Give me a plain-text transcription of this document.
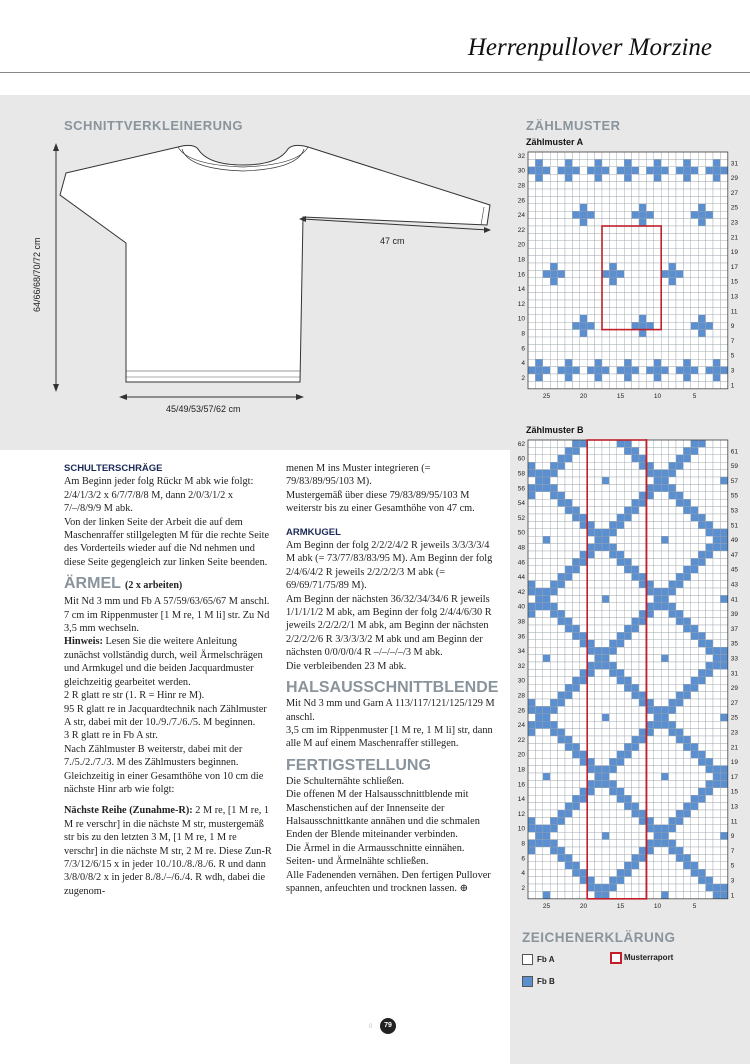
Herrenpullover Morzine
SCHNITTVERKLEINERUNG
64/66/68/70/72 cm	47 cm
45/49/53/57/62 cm
ZÄHLMUSTER
Zählmuster A
32
30
28
26
24
22
20
18
16
14
12
10
8
6
4
2
31
29
27
25
23
21
19
17
15
13
11
9
7
5
3
1
25	20	15	10	5
Zählmuster B
62
60
58
56
54
52
50
48
46
44
42
40
38
36
34
32
30
28
26
24
22
20
18
16
14
12
10
8
6
4
2
61
59
57
55
53
51
49
47
45
43
41
39
37
35
33
31
29
27
25
23
21
19
17
15
13
11
9
7
5
3
1
25	20	15	10	5
ZEICHENERKLÄRUNG
Fb A
Fb B
Musterraport
SCHULTERSCHRÄGE

Am Beginn jeder folg Rückr M abk wie folgt: 2/4/1/3/2 x 6/7/7/8/8 M, dann 2/0/3/1/2 x 7/–/8/9/9 M abk.

Von der linken Seite der Arbeit die auf dem Maschenraffer stillgelegten M für die rechte Seite des Vorderteils wieder auf die Nd nehmen und diese Seite gegengleich zur linken Seite beenden.

ÄRMEL (2 x arbeiten)

Mit Nd 3 mm und Fb A 57/59/63/65/67 M anschl.

7 cm im Rippenmuster [1 M re, 1 M li] str. Zu Nd 3,5 mm wechseln.

Hinweis: Lesen Sie die weitere Anleitung zunächst vollständig durch, weil Ärmelschrägen und Armkugel und die beiden Jacquardmuster gleichzeitig gearbeitet werden.

2 R glatt re str (1. R = Hinr re M).

95 R glatt re in Jacquardtechnik nach Zählmuster A str, dabei mit der 10./9./7./6./5. M beginnen.

3 R glatt re in Fb A str.

Nach Zählmuster B weiterstr, dabei mit der 7./5./2./7./3. M des Zählmusters beginnen. Gleichzeitig in einer Gesamthöhe von 10 cm die nächste Hinr arb wie folgt:

Nächste Reihe (Zunahme-R): 2 M re, [1 M re, 1 M re verschr] in die nächste M str, mustergemäß str bis zu den letzten 3 M, [1 M re, 1 M re verschr] in die nächste M str, 2 M re. Diese Zun-R 7/3/12/6/15 x in jeder 10./10./8./8./6. R und dann 3/8/0/8/2 x in jeder 8./8./–/6./4. R wdh, dabei die zugenom-

menen M ins Muster integrieren (= 79/83/89/95/103 M).

Mustergemäß über diese 79/83/89/95/103 M weiterstr bis zu einer Gesamthöhe von 47 cm.

ARMKUGEL

Am Beginn der folg 2/2/2/4/2 R jeweils 3/3/3/3/4 M abk (= 73/77/83/83/95 M). Am Beginn der folg 2/4/6/4/2 R jeweils 2/2/2/2/3 M abk (= 69/69/71/75/89 M).

Am Beginn der nächsten 36/32/34/34/6 R jeweils 1/1/1/1/2 M abk, am Beginn der folg 2/4/4/6/30 R jeweils 2/2/2/2/1 M abk, am Beginn der nächsten 2/2/2/2/6 R 3/3/3/3/2 M abk und am Beginn der nächsten 0/0/0/0/4 R –/–/–/–/3 M abk.

Die verbleibenden 23 M abk.

HALSAUSSCHNITTBLENDE

Mit Nd 3 mm und Garn A 113/117/121/125/129 M anschl.

3,5 cm im Rippenmuster [1 M re, 1 M li] str, dann alle M auf einem Maschenraffer stillegen.

FERTIGSTELLUNG

Die Schulternähte schließen.

Die offenen M der Halsausschnittblende mit Maschenstichen auf der Innenseite der Halsausschnittkante annähen und die schmalen Enden der Blende miteinander verbinden.

Die Ärmel in die Armausschnitte einnähen. Seiten- und Ärmelnähte schließen.

Alle Fadenenden vernähen. Den fertigen Pullover spannen, anfeuchten und trocknen lassen. ⊕

0	79
